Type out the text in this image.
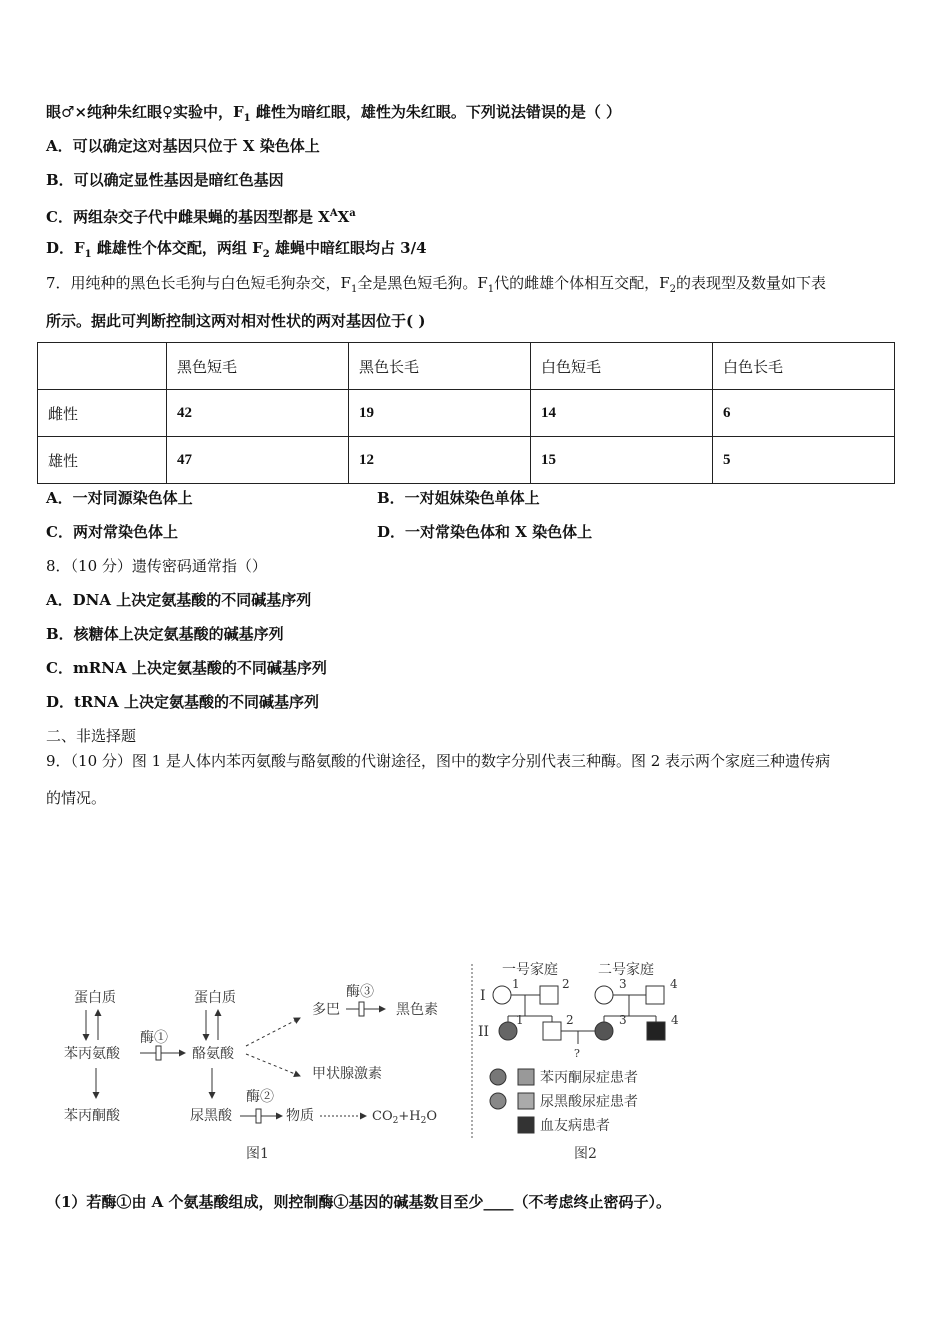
眼♂×纯种朱红眼♀实验中，$F_1$ 雌性为暗红眼，雄性为朱红眼。下列说法错误的是（ ）
A．可以确定这对基因只位于 X 染色体上
B．可以确定显性基因是暗红色基因
C．两组杂交子代中雌果蝇的基因型都是 $X^AX^a$
D．$F_1$ 雌雄性个体交配，两组 $F_2$ 雄蝇中暗红眼均占 3/4
7．用纯种的黑色长毛狗与白色短毛狗杂交，$F_1$全是黑色短毛狗。$F_1$代的雌雄个体相互交配，$F_2$的表现型及数量如下表
所示。据此可判断控制这两对相对性状的两对基因位于( )
	黑色短毛	黑色长毛	白色短毛	白色长毛
雌性	42	19	14	6
雄性	47	12	15	5
A．一对同源染色体上	B．一对姐妹染色单体上
C．两对常染色体上	D．一对常染色体和 X 染色体上
8．（10 分）遗传密码通常指（）
A．DNA 上决定氨基酸的不同碱基序列
B．核糖体上决定氨基酸的碱基序列
C．mRNA 上决定氨基酸的不同碱基序列
D．tRNA 上决定氨基酸的不同碱基序列
二、非选择题
9．（10 分）图 1 是人体内苯丙氨酸与酪氨酸的代谢途径，图中的数字分别代表三种酶。图 2 表示两个家庭三种遗传病
的情况。
蛋白质
苯丙氨酸
苯丙酮酸
酶①
蛋白质
酪氨酸
尿黑酸
多巴
酶③
黑色素
甲状腺激素
酶②
物质	$CO_2+H_2O$
图1
一号家庭	二号家庭
I
1	2	3	4
II
1	2	3	4
?
苯丙酮尿症患者
尿黑酸尿症患者
血友病患者
图2
（1）若酶①由 A 个氨基酸组成，则控制酶①基因的碱基数目至少____（不考虑终止密码子）。
